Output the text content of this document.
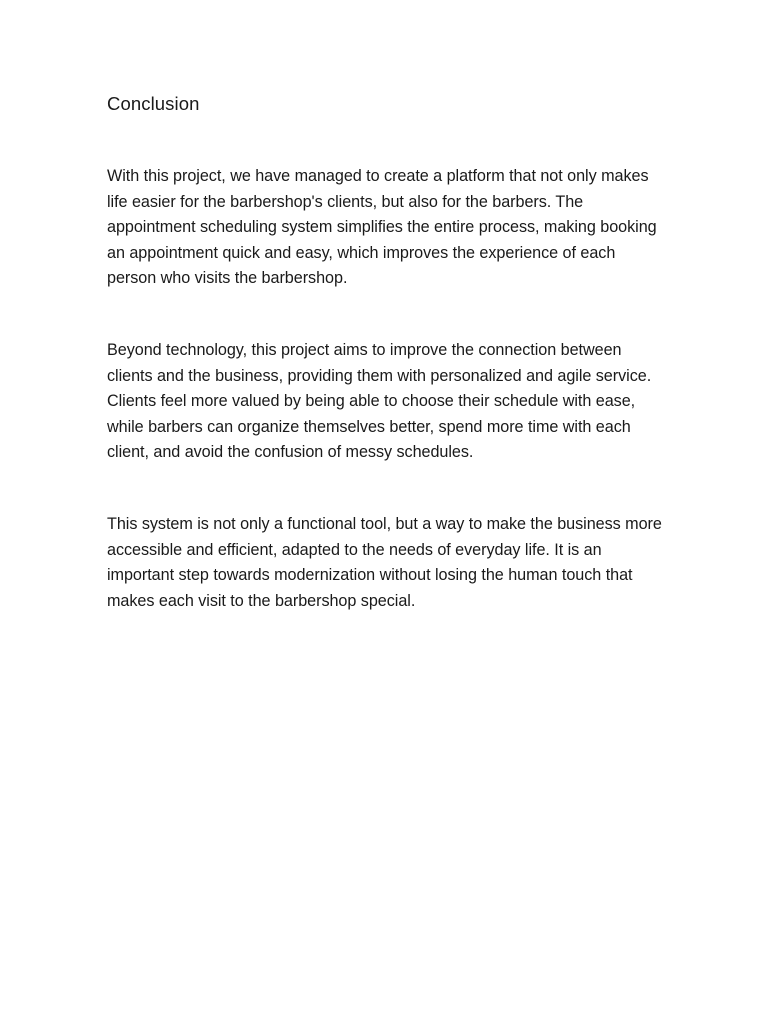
Conclusion

With this project, we have managed to create a platform that not only makes life easier for the barbershop's clients, but also for the barbers. The appointment scheduling system simplifies the entire process, making booking an appointment quick and easy, which improves the experience of each person who visits the barbershop.

Beyond technology, this project aims to improve the connection between clients and the business, providing them with personalized and agile service. Clients feel more valued by being able to choose their schedule with ease, while barbers can organize themselves better, spend more time with each client, and avoid the confusion of messy schedules.

This system is not only a functional tool, but a way to make the business more accessible and efficient, adapted to the needs of everyday life. It is an important step towards modernization without losing the human touch that makes each visit to the barbershop special.
